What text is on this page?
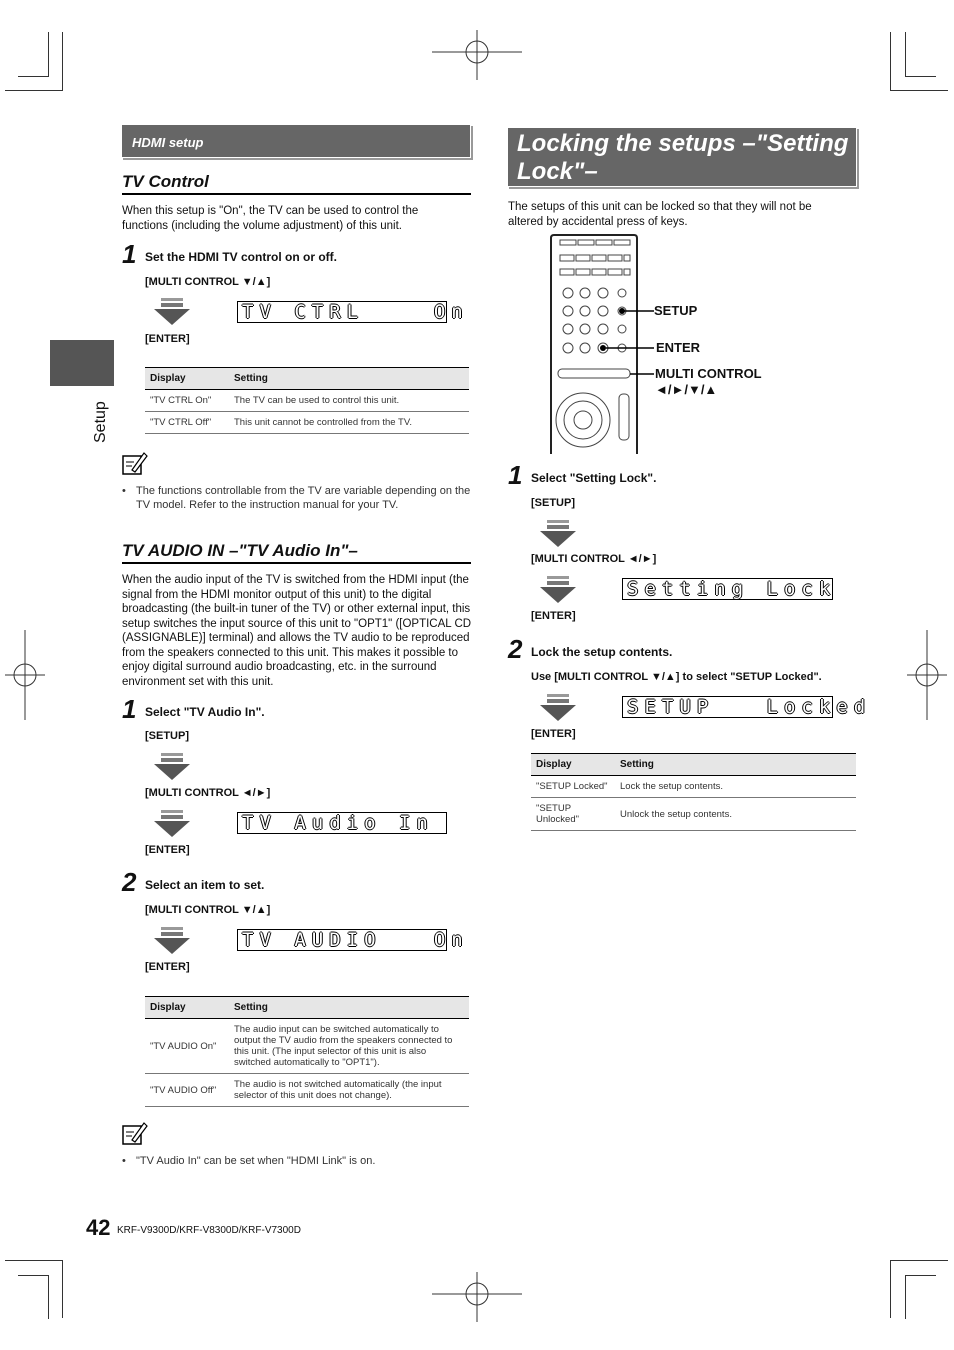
Setup
HDMI setup
TV Control
When this setup is "On", the TV can be used to control the functions (including the volume adjustment) of this unit.
1 Set the HDMI TV control on or off.
[MULTI CONTROL ▼/▲]
TV CTRL    On
[ENTER]
Display	Setting
"TV CTRL On"	The TV can be used to control this unit.
"TV CTRL Off"	This unit cannot be controlled from the TV.
• The functions controllable from the TV are variable depending on the TV model. Refer to the instruction manual for your TV.
TV AUDIO IN –"TV Audio In"–
When the audio input of the TV is switched from the HDMI input (the signal from the HDMI monitor output of this unit) to the digital broadcasting (the built-in tuner of the TV) or other external input, this setup switches the input source of this unit to "OPT1" ([OPTICAL CD (ASSIGNABLE)] terminal) and allows the TV audio to be reproduced from the speakers connected to this unit. This makes it possible to enjoy digital surround audio broadcasting, etc. in the surround environment set with this unit.
1 Select "TV Audio In".
[SETUP]
[MULTI CONTROL ◄/►]
TV Audio In
[ENTER]
2 Select an item to set.
[MULTI CONTROL ▼/▲]
TV AUDIO   On
[ENTER]
Display	Setting
"TV AUDIO On"	The audio input can be switched automatically to output the TV audio from the speakers connected to this unit. (The input selector of this unit is also switched automatically to "OPT1").
"TV AUDIO Off"	The audio is not switched automatically (the input selector of this unit does not change).
• "TV Audio In" can be set when "HDMI Link" is on.
Locking the setups –"Setting Lock"–
The setups of this unit can be locked so that they will not be altered by accidental press of keys.
SETUP
ENTER
MULTI CONTROL
◄/►/▼/▲
1 Select "Setting Lock".
[SETUP]
[MULTI CONTROL ◄/►]
Setting Lock
[ENTER]
2 Lock the setup contents.
Use [MULTI CONTROL ▼/▲] to select "SETUP Locked".
SETUP   Locked
[ENTER]
Display	Setting
"SETUP Locked"	Lock the setup contents.
"SETUP Unlocked"	Unlock the setup contents.
42 KRF-V9300D/KRF-V8300D/KRF-V7300D
